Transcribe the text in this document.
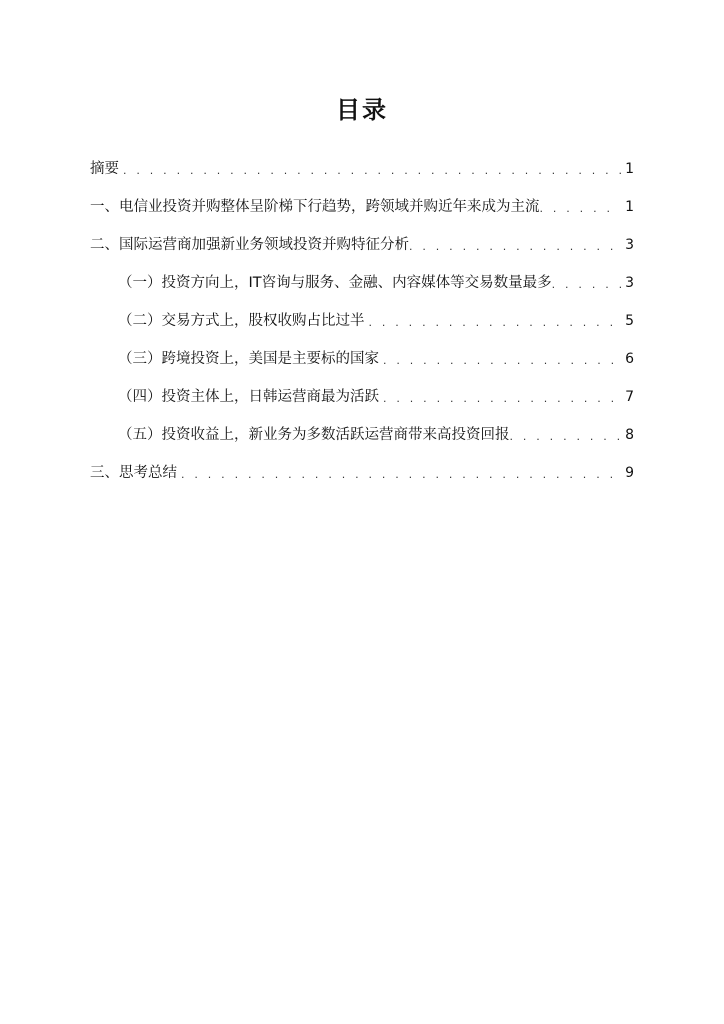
目录
摘要 . . .	1
一、电信业投资并购整体呈阶梯下行趋势，跨领域并购近年来成为主流 . . .	1
二、国际运营商加强新业务领域投资并购特征分析 . . .	3
（一）投资方向上，IT咨询与服务、金融、内容媒体等交易数量最多 . . .	3
（二）交易方式上，股权收购占比过半 . . .	5
（三）跨境投资上，美国是主要标的国家 . . .	6
（四）投资主体上，日韩运营商最为活跃 . . .	7
（五）投资收益上，新业务为多数活跃运营商带来高投资回报 . . .	8
三、思考总结 . . .	9
